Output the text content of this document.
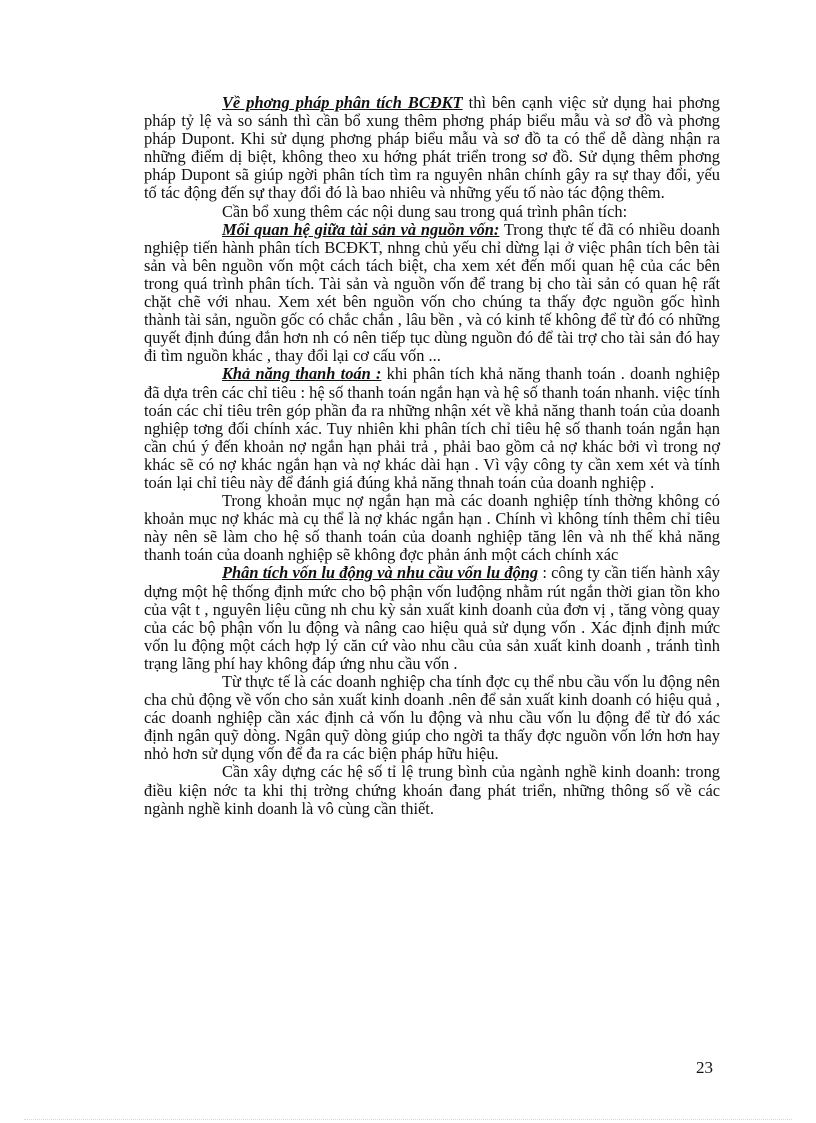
Về phơng pháp phân tích BCĐKT thì bên cạnh việc sử dụng hai phơng pháp tỷ lệ và so sánh thì cần bổ xung thêm phơng pháp biểu mẫu và sơ đồ và phơng pháp Dupont. Khi sử dụng phơng pháp biểu mẫu và sơ đồ ta có thể dễ dàng nhận ra những điểm dị biệt, không theo xu hớng phát triển trong sơ đồ. Sử dụng thêm phơng pháp Dupont sã giúp ngời phân tích tìm ra nguyên nhân chính gây ra sự thay đổi, yếu tố tác động đến sự thay đổi đó là bao nhiêu và những yếu tố nào tác động thêm.

Cần bổ xung thêm các nội dung sau trong quá trình phân tích:

Mối quan hệ giữa tài sản và nguồn vốn: Trong thực tế đã có nhiều doanh nghiệp tiến hành phân tích BCĐKT, nhng chủ yếu chỉ dừng lại ở việc phân tích bên tài sản và bên nguồn vốn một cách tách biệt, cha xem xét đến mối quan hệ của các bên trong quá trình phân tích. Tài sản và nguồn vốn để trang bị cho tài sản có quan hệ rất chặt chẽ với nhau. Xem xét bên nguồn vốn cho chúng ta thấy đợc nguồn gốc hình thành tài sản, nguồn gốc có chắc chắn , lâu bền , và có kinh tế không để từ đó có những quyết định đúng đắn hơn nh có nên tiếp tục dùng nguồn đó để tài trợ cho tài sản đó hay đi tìm nguồn khác , thay đổi lại cơ cấu vốn ...

Khả năng thanh toán : khi phân tích khả năng thanh toán . doanh nghiệp đã dựa trên các chỉ tiêu : hệ số thanh toán ngắn hạn và hệ số thanh toán nhanh. việc tính toán các chỉ tiêu trên góp phần đa ra những nhận xét về khả năng thanh toán của doanh nghiệp tơng đối chính xác. Tuy nhiên khi phân tích chỉ tiêu hệ số thanh toán ngắn hạn cần chú ý đến khoản nợ ngắn hạn phải trả , phải bao gồm cả nợ khác bởi vì trong nợ khác sẽ có nợ khác ngắn hạn và nợ khác dài hạn . Vì vậy công ty cần xem xét và tính toán lại chỉ tiêu này để đánh giá đúng khả năng thnah toán của doanh nghiệp .

Trong khoản mục nợ ngắn hạn mà các doanh nghiệp tính thờng không có khoản mục nợ khác mà cụ thể là nợ khác ngắn hạn . Chính vì không tính thêm chỉ tiêu này nên sẽ làm cho hệ số thanh toán của doanh nghiệp tăng lên và nh thế khả năng thanh toán của doanh nghiệp sẽ không đợc phản ánh một cách chính xác

Phân tích vốn lu động và nhu cầu vốn lu động : công ty cần tiến hành xây dựng một hệ thống định mức cho bộ phận vốn luđộng nhằm rút ngắn thời gian tồn kho của vật t , nguyên liệu cũng nh chu kỳ sản xuất kinh doanh của đơn vị , tăng vòng quay của các bộ phận vốn lu động và nâng cao hiệu quả sử dụng vốn . Xác định định mức vốn lu động một cách hợp lý căn cứ vào nhu cầu của sản xuất kinh doanh , tránh tình trạng lãng phí hay không đáp ứng nhu cầu vốn .

Từ thực tế là các doanh nghiệp cha tính đợc cụ thể nbu cầu vốn lu động nên cha chủ động về vốn cho sản xuất kinh doanh .nên để sản xuất kinh doanh có hiệu quả , các doanh nghiệp cần xác định cả vốn lu động và nhu cầu vốn lu động để từ đó xác định ngân quỹ dòng. Ngân quỹ dòng giúp cho ngời ta thấy đợc nguồn vốn lớn hơn hay nhỏ hơn sử dụng vốn để đa ra các biện pháp hữu hiệu.

Cần xây dựng các hệ số tỉ lệ trung bình của ngành nghề kinh doanh: trong điều kiện nớc ta khi thị trờng chứng khoán đang phát triển, những thông số về các ngành nghề kinh doanh là vô cùng cần thiết.

23
